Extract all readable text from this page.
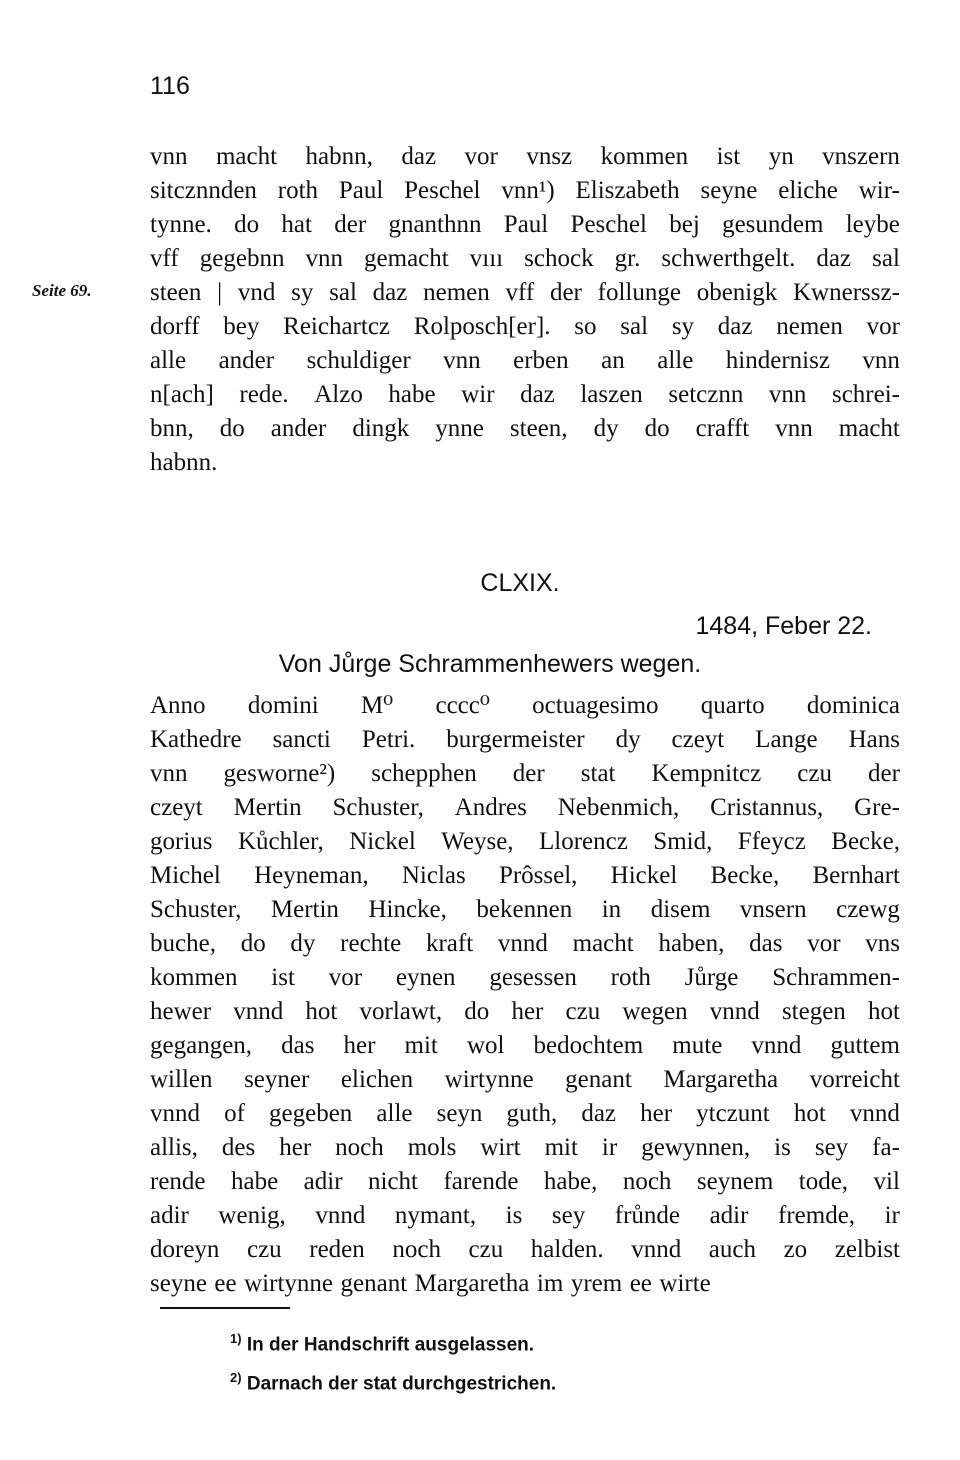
116
Seite 69.
vnn macht habnn, daz vor vnsz kommen ist yn vnszern
sitcznnden roth Paul Peschel vnn¹) Eliszabeth seyne eliche wir-
tynne. do hat der gnanthnn Paul Peschel bej gesundem leybe
vff gegebnn vnn gemacht vııı schock gr. schwerthgelt. daz sal
steen | vnd sy sal daz nemen vff der follunge obenigk Kwnerssz-
dorff bey Reichartcz Rolposch[er]. so sal sy daz nemen vor
alle ander schuldiger vnn erben an alle hindernisz vnn
n[ach] rede. Alzo habe wir daz laszen setcznn vnn schrei-
bnn, do ander dingk ynne steen, dy do crafft vnn macht
habnn.
CLXIX.
1484, Feber 22.
Von Jůrge Schrammenhewers wegen.
Anno domini M⁰ cccc⁰ octuagesimo quarto dominica
Kathedre sancti Petri. burgermeister dy czeyt Lange Hans
vnn gesworne²) schepphen der stat Kempnitcz czu der
czeyt Mertin Schuster, Andres Nebenmich, Cristannus, Gre-
gorius Kůchler, Nickel Weyse, Llorencz Smid, Ffeycz Becke,
Michel Heyneman, Niclas Prôssel, Hickel Becke, Bernhart
Schuster, Mertin Hincke, bekennen in disem vnsern czewg
buche, do dy rechte kraft vnnd macht haben, das vor vns
kommen ist vor eynen gesessen roth Jůrge Schrammen-
hewer vnnd hot vorlawt, do her czu wegen vnnd stegen hot
gegangen, das her mit wol bedochtem mute vnnd guttem
willen seyner elichen wirtynne genant Margaretha vorreicht
vnnd of gegeben alle seyn guth, daz her ytczunt hot vnnd
allis, des her noch mols wirt mit ir gewynnen, is sey fa-
rende habe adir nicht farende habe, noch seynem tode, vil
adir wenig, vnnd nymant, is sey frůnde adir fremde, ir
doreyn czu reden noch czu halden. vnnd auch zo zelbist
seyne ee wirtynne genant Margaretha im yrem ee wirte
$^{1)}$ In der Handschrift ausgelassen.
$^{2)}$ Darnach der stat durchgestrichen.
